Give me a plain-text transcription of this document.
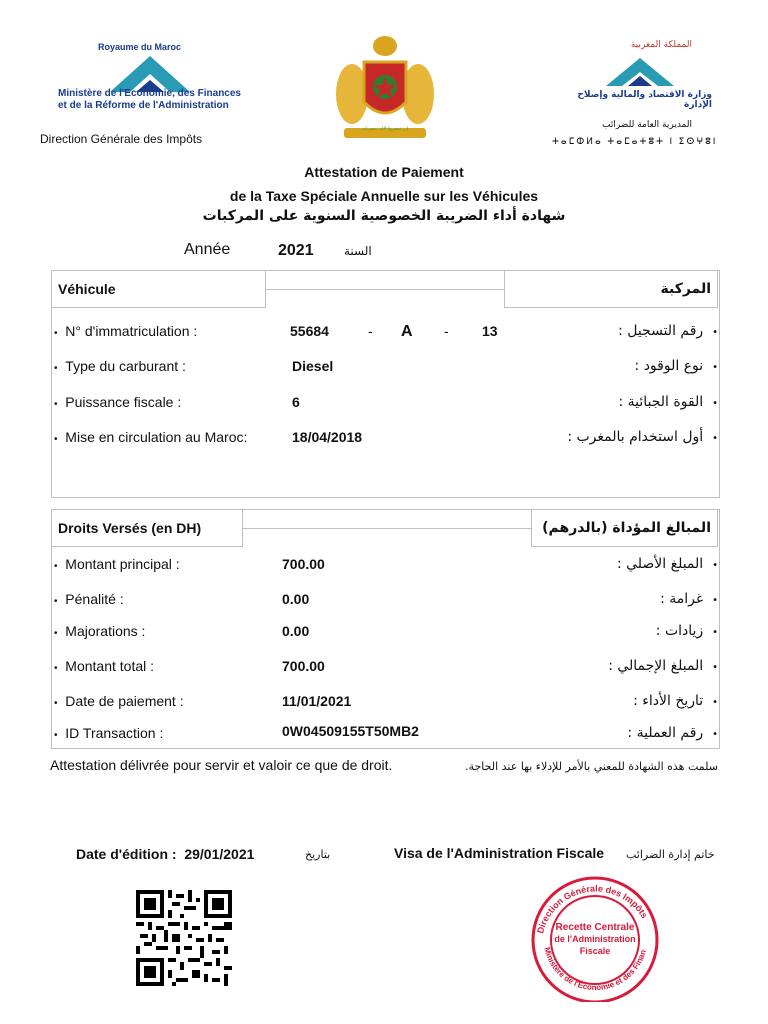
Royaume du Maroc
Ministère de l'Economie, des Finances
et de la Réforme de l'Administration
Direction Générale des Impôts
إن تنصروا الله ينصركم
المملكة المغربية
وزارة الاقتصاد والمالية وإصلاح الإدارة
المديرية العامة للضرائب
ⵜⴰⵎⵀⵍⴰ ⵜⴰⵎⴰⵜⵓⵜ ⵏ ⵉⵙⵖⵓⵏ
Attestation de Paiement
de la Taxe Spéciale Annuelle sur les Véhicules
شهادة أداء الضريبة الخصوصية السنوية على المركبات
Année	2021	السنة
Véhicule	المركبة
• N° d'immatriculation :	55684	- A - 13	•  رقم التسجيل :
• Type du carburant :	Diesel	•  نوع الوقود :
• Puissance fiscale :	6	•  القوة الجبائية :
• Mise en circulation au Maroc:	18/04/2018	•  أول استخدام بالمغرب :
Droits Versés (en DH)	المبالغ المؤداة (بالدرهم)
• Montant principal :	700.00	•  المبلغ الأصلي :
• Pénalité :	0.00	•  غرامة :
• Majorations :	0.00	•  زيادات :
• Montant total :	700.00	•  المبلغ الإجمالي :
• Date de paiement :	11/01/2021	•  تاريخ الأداء :
• ID Transaction :	0W04509155T50MB2	•  رقم العملية :
Attestation délivrée pour servir et valoir ce que de droit.	سلمت هذه الشهادة للمعني بالأمر للإدلاء بها عند الحاجة.
Date d'édition : 29/01/2021	بتاريخ	Visa de l'Administration Fiscale خاتم إدارة الضرائب
Direction Générale des Impôts
Ministère de l'Economie et des Finan
Recette Centrale
de l'Administration
Fiscale
